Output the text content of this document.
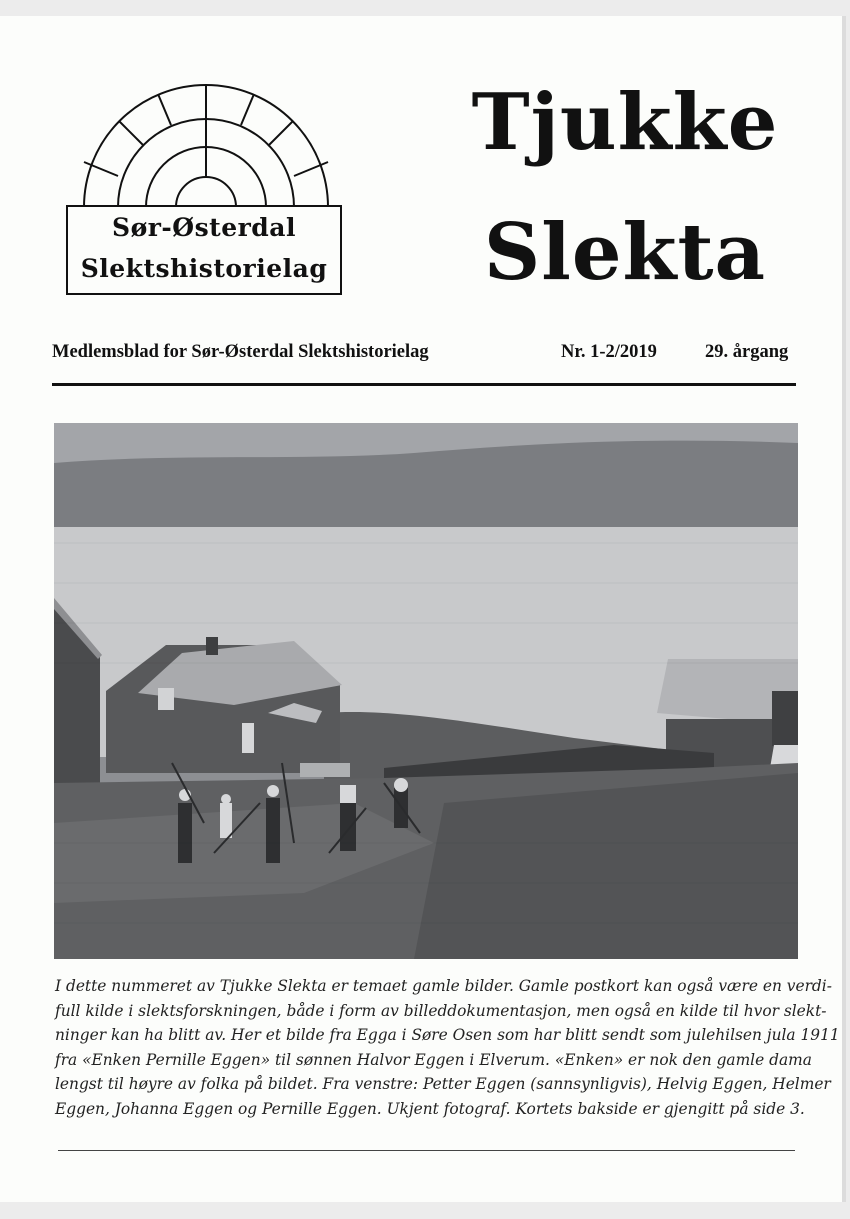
Sør-Østerdal
Slektshistorielag
Tjukke
Slekta
Medlemsblad for Sør-Østerdal Slektshistorielag	Nr. 1-2/2019	29. årgang
I dette nummeret av Tjukke Slekta er temaet gamle bilder. Gamle postkort kan også være en verdi-
full kilde i slektsforskningen, både i form av billeddokumentasjon, men også en kilde til hvor slekt-
ninger kan ha blitt av. Her et bilde fra Egga i Søre Osen som har blitt sendt som julehilsen jula 1911
fra «Enken Pernille Eggen» til sønnen Halvor Eggen i Elverum. «Enken» er nok den gamle dama
lengst til høyre av folka på bildet. Fra venstre: Petter Eggen (sannsynligvis), Helvig Eggen, Helmer
Eggen, Johanna Eggen og Pernille Eggen. Ukjent fotograf. Kortets bakside er gjengitt på side 3.
